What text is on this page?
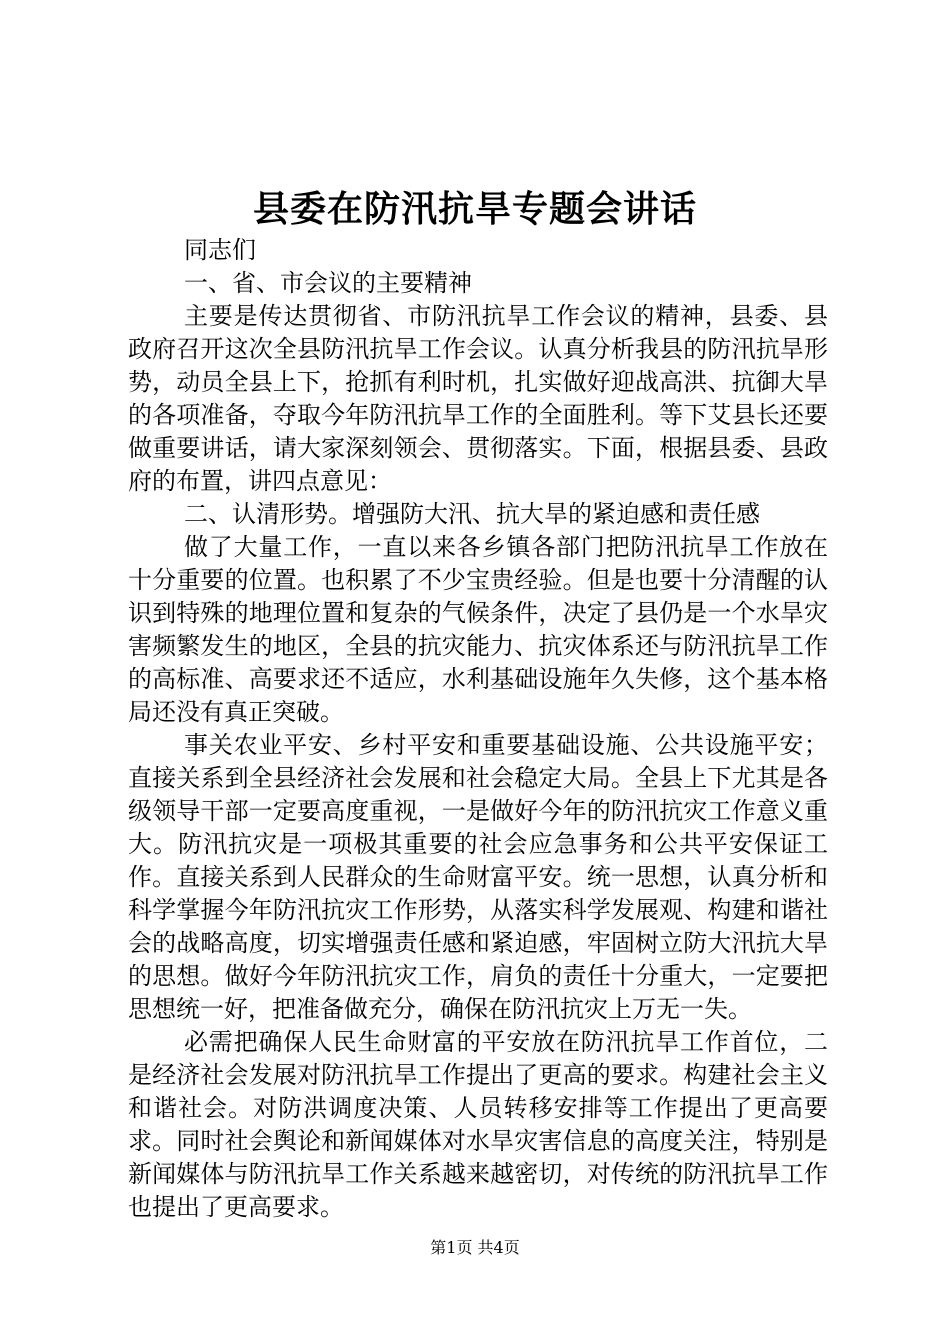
县委在防汛抗旱专题会讲话

同志们

一、省、市会议的主要精神

主要是传达贯彻省、市防汛抗旱工作会议的精神，县委、县政府召开这次全县防汛抗旱工作会议。认真分析我县的防汛抗旱形势，动员全县上下，抢抓有利时机，扎实做好迎战高洪、抗御大旱的各项准备，夺取今年防汛抗旱工作的全面胜利。等下艾县长还要做重要讲话，请大家深刻领会、贯彻落实。下面，根据县委、县政府的布置，讲四点意见：

二、认清形势。增强防大汛、抗大旱的紧迫感和责任感

做了大量工作，一直以来各乡镇各部门把防汛抗旱工作放在十分重要的位置。也积累了不少宝贵经验。但是也要十分清醒的认识到特殊的地理位置和复杂的气候条件，决定了县仍是一个水旱灾害频繁发生的地区，全县的抗灾能力、抗灾体系还与防汛抗旱工作的高标准、高要求还不适应，水利基础设施年久失修，这个基本格局还没有真正突破。

事关农业平安、乡村平安和重要基础设施、公共设施平安；直接关系到全县经济社会发展和社会稳定大局。全县上下尤其是各级领导干部一定要高度重视，一是做好今年的防汛抗灾工作意义重大。防汛抗灾是一项极其重要的社会应急事务和公共平安保证工作。直接关系到人民群众的生命财富平安。统一思想，认真分析和科学掌握今年防汛抗灾工作形势，从落实科学发展观、构建和谐社会的战略高度，切实增强责任感和紧迫感，牢固树立防大汛抗大旱的思想。做好今年防汛抗灾工作，肩负的责任十分重大，一定要把思想统一好，把准备做充分，确保在防汛抗灾上万无一失。

必需把确保人民生命财富的平安放在防汛抗旱工作首位，二是经济社会发展对防汛抗旱工作提出了更高的要求。构建社会主义和谐社会。对防洪调度决策、人员转移安排等工作提出了更高要求。同时社会舆论和新闻媒体对水旱灾害信息的高度关注，特别是新闻媒体与防汛抗旱工作关系越来越密切，对传统的防汛抗旱工作也提出了更高要求。

第1页 共4页
